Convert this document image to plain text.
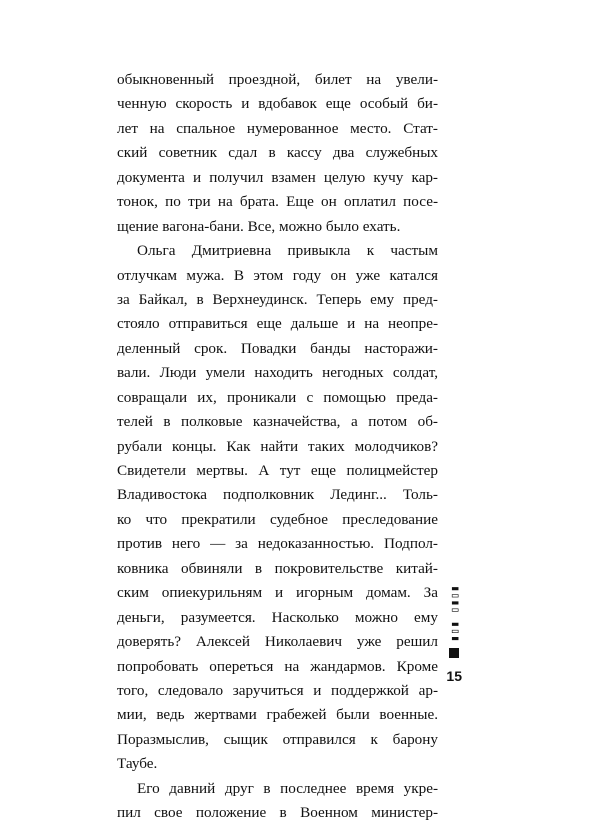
обыкновенный проездной, билет на увели-
ченную скорость и вдобавок еще особый би-
лет на спальное нумерованное место. Стат-
ский советник сдал в кассу два служебных
документа и получил взамен целую кучу кар-
тонок, по три на брата. Еще он оплатил посе-
щение вагона-бани. Все, можно было ехать.
Ольга Дмитриевна привыкла к частым
отлучкам мужа. В этом году он уже катался
за Байкал, в Верхнеудинск. Теперь ему пред-
стояло отправиться еще дальше и на неопре-
деленный срок. Повадки банды насторажи-
вали. Люди умели находить негодных солдат,
совращали их, проникали с помощью преда-
телей в полковые казначейства, а потом об-
рубали концы. Как найти таких молодчиков?
Свидетели мертвы. А тут еще полицмейстер
Владивостока подполковник Лединг... Толь-
ко что прекратили судебное преследование
против него — за недоказанностью. Подпол-
ковника обвиняли в покровительстве китай-
ским опиекурильням и игорным домам. За
деньги, разумеется. Насколько можно ему
доверять? Алексей Николаевич уже решил
попробовать опереться на жандармов. Кроме
того, следовало заручиться и поддержкой ар-
мии, ведь жертвами грабежей были военные.
Поразмыслив, сыщик отправился к барону
Таубе.
Его давний друг в последнее время укре-
пил свое положение в Военном министер-
▮▯▮ ▯▮▯▮
15
